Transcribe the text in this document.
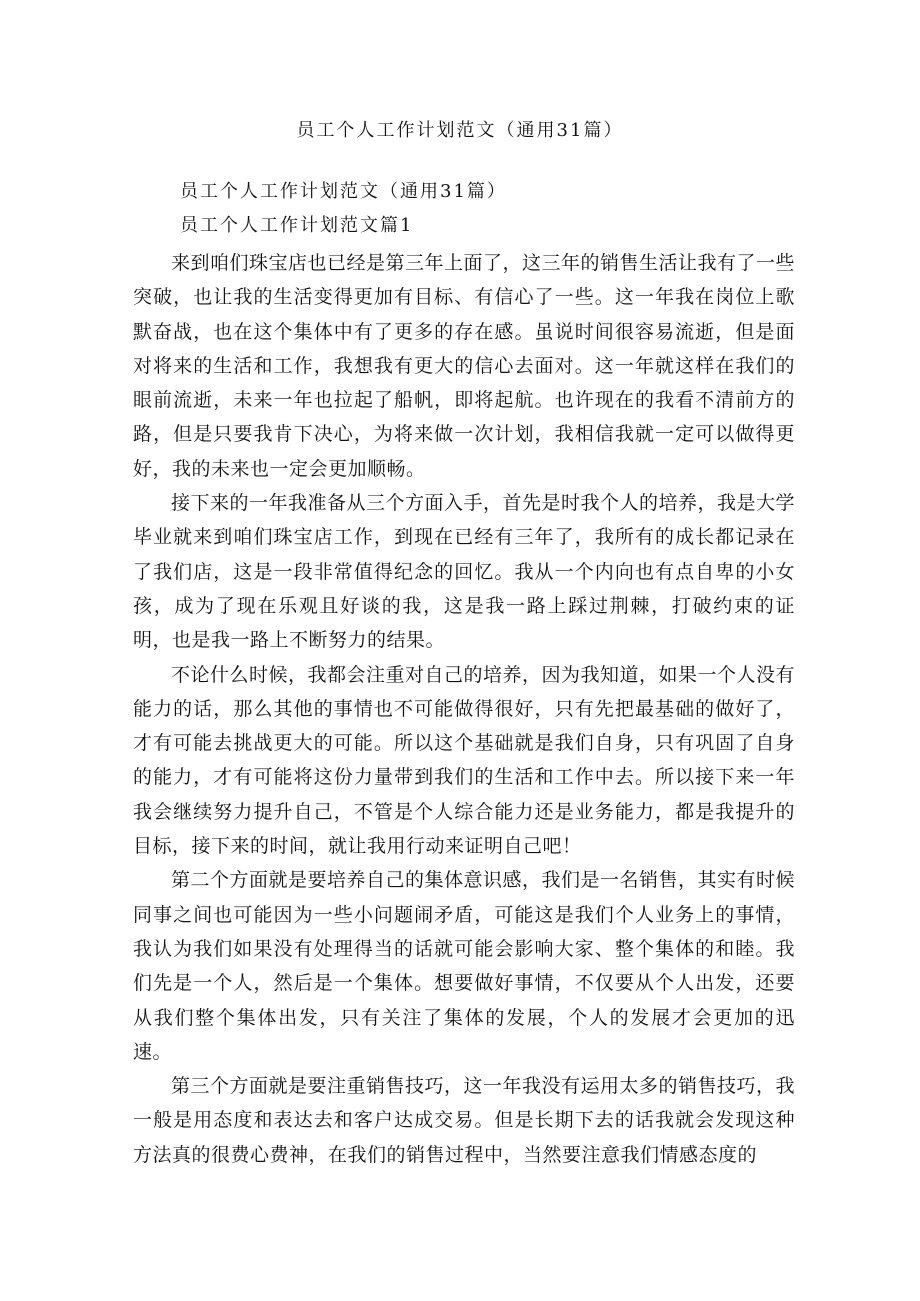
员工个人工作计划范文（通用31篇）
员工个人工作计划范文（通用31篇）
员工个人工作计划范文篇1

来到咱们珠宝店也已经是第三年上面了，这三年的销售生活让我有了一些突破，也让我的生活变得更加有目标、有信心了一些。这一年我在岗位上歌默奋战，也在这个集体中有了更多的存在感。虽说时间很容易流逝，但是面对将来的生活和工作，我想我有更大的信心去面对。这一年就这样在我们的眼前流逝，未来一年也拉起了船帆，即将起航。也许现在的我看不清前方的路，但是只要我肯下决心，为将来做一次计划，我相信我就一定可以做得更好，我的未来也一定会更加顺畅。

接下来的一年我准备从三个方面入手，首先是时我个人的培养，我是大学毕业就来到咱们珠宝店工作，到现在已经有三年了，我所有的成长都记录在了我们店，这是一段非常值得纪念的回忆。我从一个内向也有点自卑的小女孩，成为了现在乐观且好谈的我，这是我一路上踩过荆棘，打破约束的证明，也是我一路上不断努力的结果。

不论什么时候，我都会注重对自己的培养，因为我知道，如果一个人没有能力的话，那么其他的事情也不可能做得很好，只有先把最基础的做好了，才有可能去挑战更大的可能。所以这个基础就是我们自身，只有巩固了自身的能力，才有可能将这份力量带到我们的生活和工作中去。所以接下来一年我会继续努力提升自己，不管是个人综合能力还是业务能力，都是我提升的目标，接下来的时间，就让我用行动来证明自己吧！

第二个方面就是要培养自己的集体意识感，我们是一名销售，其实有时候同事之间也可能因为一些小问题闹矛盾，可能这是我们个人业务上的事情，我认为我们如果没有处理得当的话就可能会影响大家、整个集体的和睦。我们先是一个人，然后是一个集体。想要做好事情，不仅要从个人出发，还要从我们整个集体出发，只有关注了集体的发展，个人的发展才会更加的迅速。

第三个方面就是要注重销售技巧，这一年我没有运用太多的销售技巧，我一般是用态度和表达去和客户达成交易。但是长期下去的话我就会发现这种方法真的很费心费神，在我们的销售过程中，当然要注意我们情感态度的
